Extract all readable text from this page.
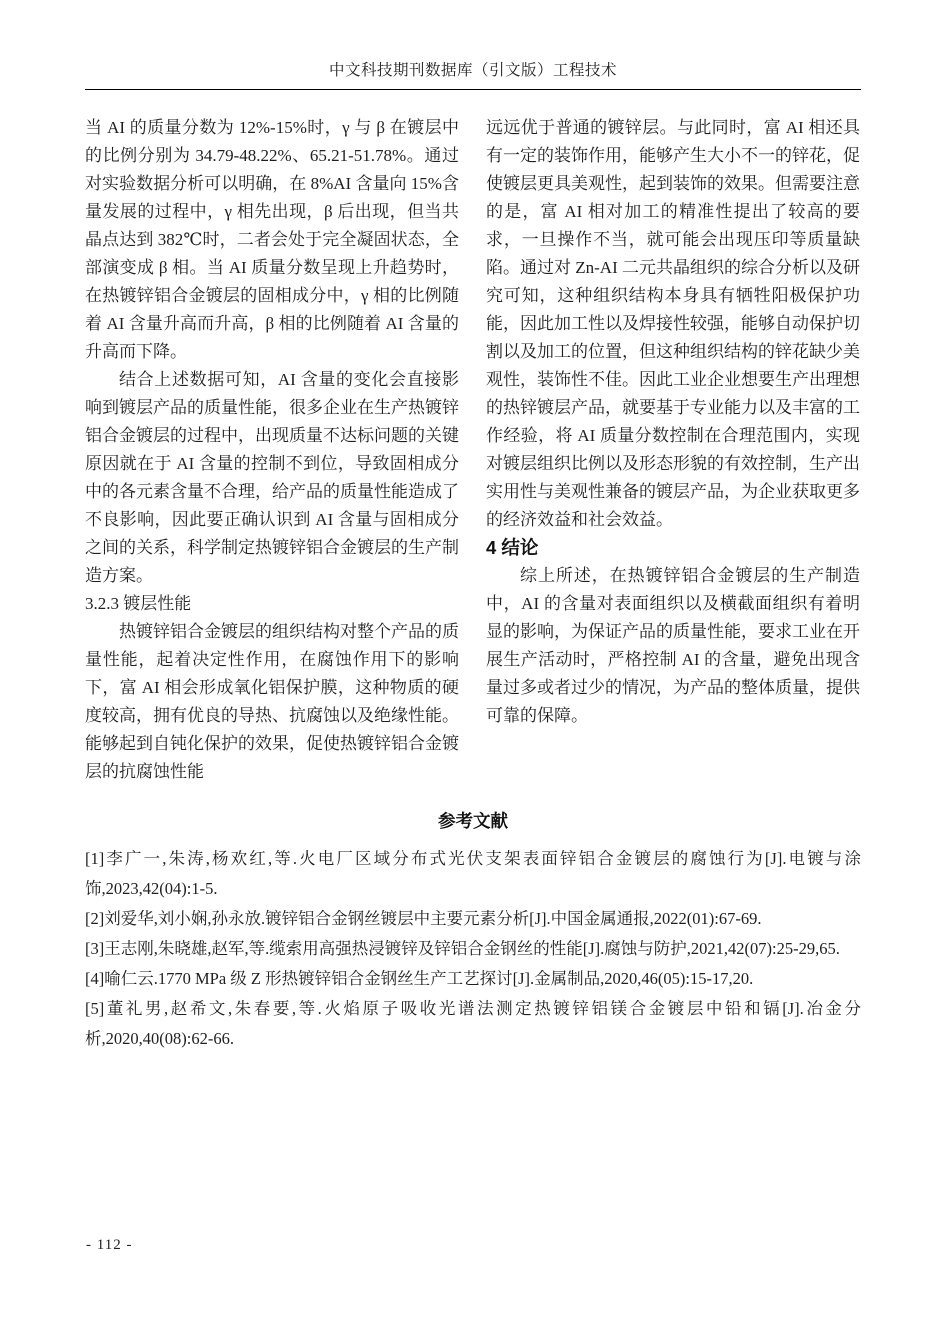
中文科技期刊数据库（引文版）工程技术

当 AI 的质量分数为 12%-15%时，γ 与 β 在镀层中的比例分别为 34.79-48.22%、65.21-51.78%。通过对实验数据分析可以明确，在 8%AI 含量向 15%含量发展的过程中，γ 相先出现，β 后出现，但当共晶点达到 382℃时，二者会处于完全凝固状态，全部演变成 β 相。当 AI 质量分数呈现上升趋势时，在热镀锌铝合金镀层的固相成分中，γ 相的比例随着 AI 含量升高而升高，β 相的比例随着 AI 含量的升高而下降。

结合上述数据可知，AI 含量的变化会直接影响到镀层产品的质量性能，很多企业在生产热镀锌铝合金镀层的过程中，出现质量不达标问题的关键原因就在于 AI 含量的控制不到位，导致固相成分中的各元素含量不合理，给产品的质量性能造成了不良影响，因此要正确认识到 AI 含量与固相成分之间的关系，科学制定热镀锌铝合金镀层的生产制造方案。

3.2.3 镀层性能

热镀锌铝合金镀层的组织结构对整个产品的质量性能，起着决定性作用，在腐蚀作用下的影响下，富 AI 相会形成氧化铝保护膜，这种物质的硬度较高，拥有优良的导热、抗腐蚀以及绝缘性能。能够起到自钝化保护的效果，促使热镀锌铝合金镀层的抗腐蚀性能

远远优于普通的镀锌层。与此同时，富 AI 相还具有一定的装饰作用，能够产生大小不一的锌花，促使镀层更具美观性，起到装饰的效果。但需要注意的是，富 AI 相对加工的精准性提出了较高的要求，一旦操作不当，就可能会出现压印等质量缺陷。通过对 Zn-AI 二元共晶组织的综合分析以及研究可知，这种组织结构本身具有牺牲阳极保护功能，因此加工性以及焊接性较强，能够自动保护切割以及加工的位置，但这种组织结构的锌花缺少美观性，装饰性不佳。因此工业企业想要生产出理想的热锌镀层产品，就要基于专业能力以及丰富的工作经验，将 AI 质量分数控制在合理范围内，实现对镀层组织比例以及形态形貌的有效控制，生产出实用性与美观性兼备的镀层产品，为企业获取更多的经济效益和社会效益。

4 结论

综上所述，在热镀锌铝合金镀层的生产制造中，AI 的含量对表面组织以及横截面组织有着明显的影响，为保证产品的质量性能，要求工业在开展生产活动时，严格控制 AI 的含量，避免出现含量过多或者过少的情况，为产品的整体质量，提供可靠的保障。

参考文献

[1]李广一,朱涛,杨欢红,等.火电厂区域分布式光伏支架表面锌铝合金镀层的腐蚀行为[J].电镀与涂饰,2023,42(04):1-5.

[2]刘爱华,刘小娴,孙永放.镀锌铝合金钢丝镀层中主要元素分析[J].中国金属通报,2022(01):67-69.

[3]王志刚,朱晓雄,赵军,等.缆索用高强热浸镀锌及锌铝合金钢丝的性能[J].腐蚀与防护,2021,42(07):25-29,65.

[4]喻仁云.1770 MPa 级 Z 形热镀锌铝合金钢丝生产工艺探讨[J].金属制品,2020,46(05):15-17,20.

[5]董礼男,赵希文,朱春要,等.火焰原子吸收光谱法测定热镀锌铝镁合金镀层中铅和镉[J].冶金分析,2020,40(08):62-66.

- 112 -
